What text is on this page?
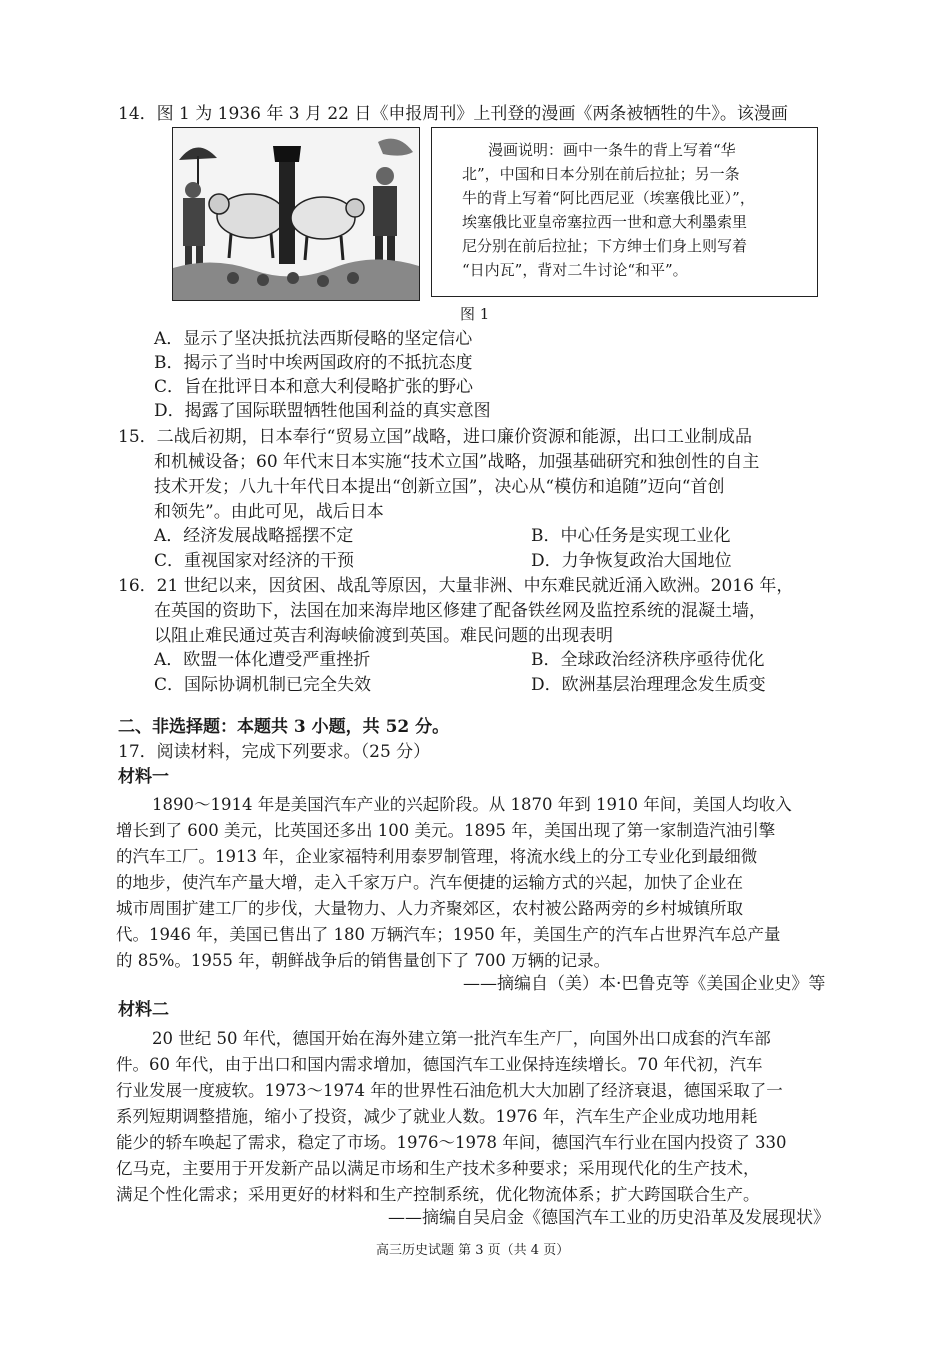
14．图 1 为 1936 年 3 月 22 日《申报周刊》上刊登的漫画《两条被牺牲的牛》。该漫画
漫画说明：画中一条牛的背上写着“华
北”，中国和日本分别在前后拉扯；另一条
牛的背上写着“阿比西尼亚（埃塞俄比亚）”，
埃塞俄比亚皇帝塞拉西一世和意大利墨索里
尼分别在前后拉扯；下方绅士们身上则写着
“日内瓦”，背对二牛讨论“和平”。
图 1
A．显示了坚决抵抗法西斯侵略的坚定信心
B．揭示了当时中埃两国政府的不抵抗态度
C．旨在批评日本和意大利侵略扩张的野心
D．揭露了国际联盟牺牲他国利益的真实意图
15．二战后初期，日本奉行“贸易立国”战略，进口廉价资源和能源，出口工业制成品
和机械设备；60 年代末日本实施“技术立国”战略，加强基础研究和独创性的自主
技术开发；八九十年代日本提出“创新立国”，决心从“模仿和追随”迈向“首创
和领先”。由此可见，战后日本
A．经济发展战略摇摆不定	B．中心任务是实现工业化
C．重视国家对经济的干预	D．力争恢复政治大国地位
16．21 世纪以来，因贫困、战乱等原因，大量非洲、中东难民就近涌入欧洲。2016 年，
在英国的资助下，法国在加来海岸地区修建了配备铁丝网及监控系统的混凝土墙，
以阻止难民通过英吉利海峡偷渡到英国。难民问题的出现表明
A．欧盟一体化遭受严重挫折	B．全球政治经济秩序亟待优化
C．国际协调机制已完全失效	D．欧洲基层治理理念发生质变
二、非选择题：本题共 3 小题，共 52 分。
17．阅读材料，完成下列要求。（25 分）
材料一
1890～1914 年是美国汽车产业的兴起阶段。从 1870 年到 1910 年间，美国人均收入
增长到了 600 美元，比英国还多出 100 美元。1895 年，美国出现了第一家制造汽油引擎
的汽车工厂。1913 年，企业家福特利用泰罗制管理，将流水线上的分工专业化到最细微
的地步，使汽车产量大增，走入千家万户。汽车便捷的运输方式的兴起，加快了企业在
城市周围扩建工厂的步伐，大量物力、人力齐聚郊区，农村被公路两旁的乡村城镇所取
代。1946 年，美国已售出了 180 万辆汽车；1950 年，美国生产的汽车占世界汽车总产量
的 85%。1955 年，朝鲜战争后的销售量创下了 700 万辆的记录。
——摘编自（美）本·巴鲁克等《美国企业史》等
材料二
20 世纪 50 年代，德国开始在海外建立第一批汽车生产厂，向国外出口成套的汽车部
件。60 年代，由于出口和国内需求增加，德国汽车工业保持连续增长。70 年代初，汽车
行业发展一度疲软。1973～1974 年的世界性石油危机大大加剧了经济衰退，德国采取了一
系列短期调整措施，缩小了投资，减少了就业人数。1976 年，汽车生产企业成功地用耗
能少的轿车唤起了需求，稳定了市场。1976～1978 年间，德国汽车行业在国内投资了 330
亿马克，主要用于开发新产品以满足市场和生产技术多种要求；采用现代化的生产技术，
满足个性化需求；采用更好的材料和生产控制系统，优化物流体系；扩大跨国联合生产。
——摘编自吴启金《德国汽车工业的历史沿革及发展现状》
高三历史试题 第 3 页（共 4 页）
